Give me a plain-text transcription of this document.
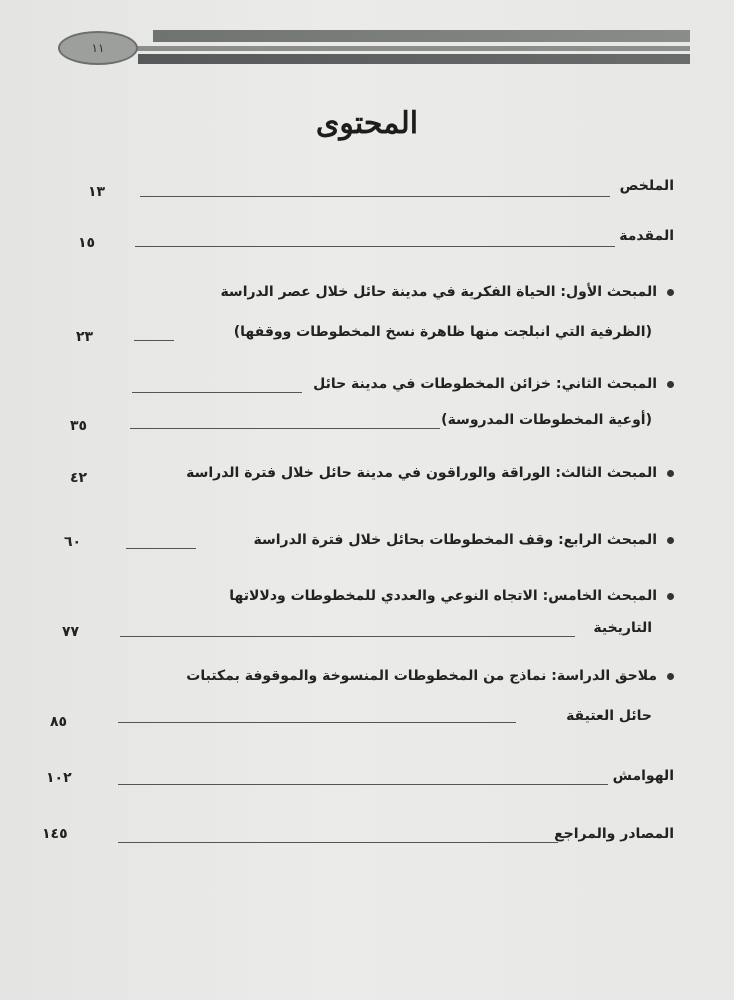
١١
المحتوى
الملخص
١٣
المقدمة
١٥
المبحث الأول: الحياة الفكرية في مدينة حائل خلال عصر الدراسة
(الظرفية التي انبلجت منها ظاهرة نسخ المخطوطات ووقفها)
٢٣
المبحث الثاني: خزائن المخطوطات في مدينة حائل
(أوعية المخطوطات المدروسة)
٣٥
المبحث الثالث: الوراقة والوراقون في مدينة حائل خلال فترة الدراسة
٤٢
المبحث الرابع: وقف المخطوطات بحائل خلال فترة الدراسة
٦٠
المبحث الخامس: الاتجاه النوعي والعددي للمخطوطات ودلالاتها
التاريخية
٧٧
ملاحق الدراسة: نماذج من المخطوطات المنسوخة والموقوفة بمكتبات
حائل العتيقة
٨٥
الهوامش
١٠٢
المصادر والمراجع
١٤٥
